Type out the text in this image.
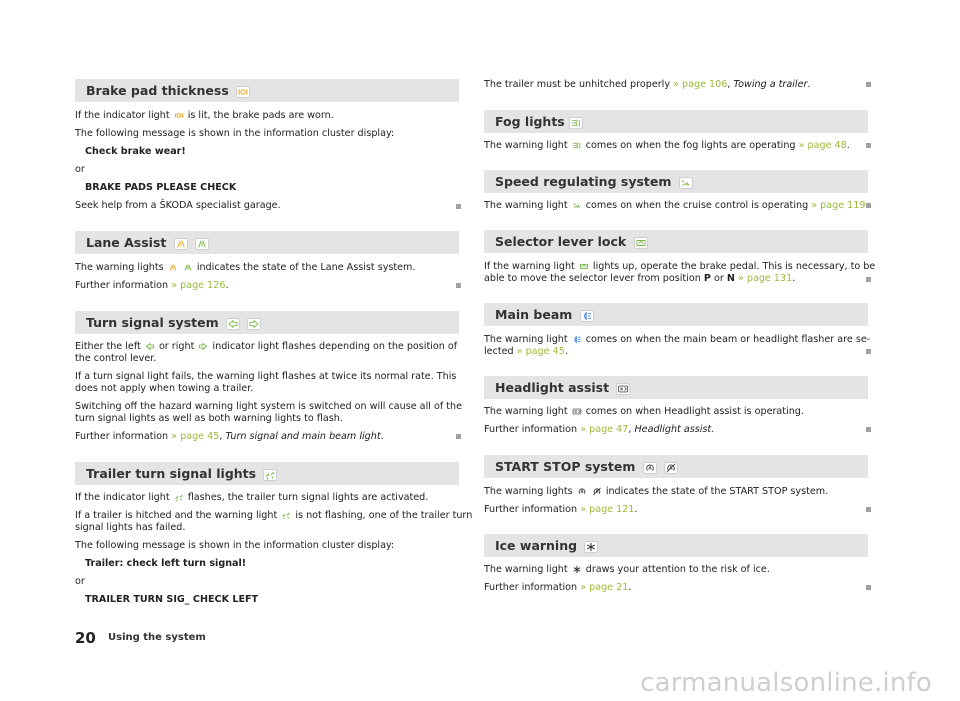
Brake pad thickness
If the indicator light is lit, the brake pads are worn.
The following message is shown in the information cluster display:
Check brake wear!
or
BRAKE PADS PLEASE CHECK
Seek help from a ŠKODA specialist garage.
Lane Assist

The warning lights
	indicates the state of the Lane Assist system.
Further information » page 126.
Turn signal system

Either the left or right indicator light flashes depending on the position of
the control lever.
If a turn signal light fails, the warning light flashes at twice its normal rate. This
does not apply when towing a trailer.
Switching off the hazard warning light system is switched on will cause all of the
turn signal lights as well as both warning lights to flash.
Further information » page 45, Turn signal and main beam light.
Trailer turn signal lights
If the indicator light flashes, the trailer turn signal lights are activated.
If a trailer is hitched and the warning light is not flashing, one of the trailer turn
signal lights has failed.
The following message is shown in the information cluster display:
Trailer: check left turn signal!
or
TRAILER TURN SIG_ CHECK LEFT
The trailer must be unhitched properly » page 106, Towing a trailer.
Fog lights
The warning light comes on when the fog lights are operating » page 48.
Speed regulating system
The warning light comes on when the cruise control is operating » page 119
Selector lever lock
If the warning light lights up, operate the brake pedal. This is necessary, to be
able to move the selector lever from position P or N » page 131.
Main beam
The warning light comes on when the main beam or headlight flasher are se-
lected » page 45.
Headlight assist
The warning light comes on when Headlight assist is operating.
Further information » page 47, Headlight assist.
START STOP system

The warning lights
	indicates the state of the START STOP system.
Further information » page 121.
Ice warning
The warning light draws your attention to the risk of ice.
Further information » page 21.
20 Using the system
carmanualsonline.info
